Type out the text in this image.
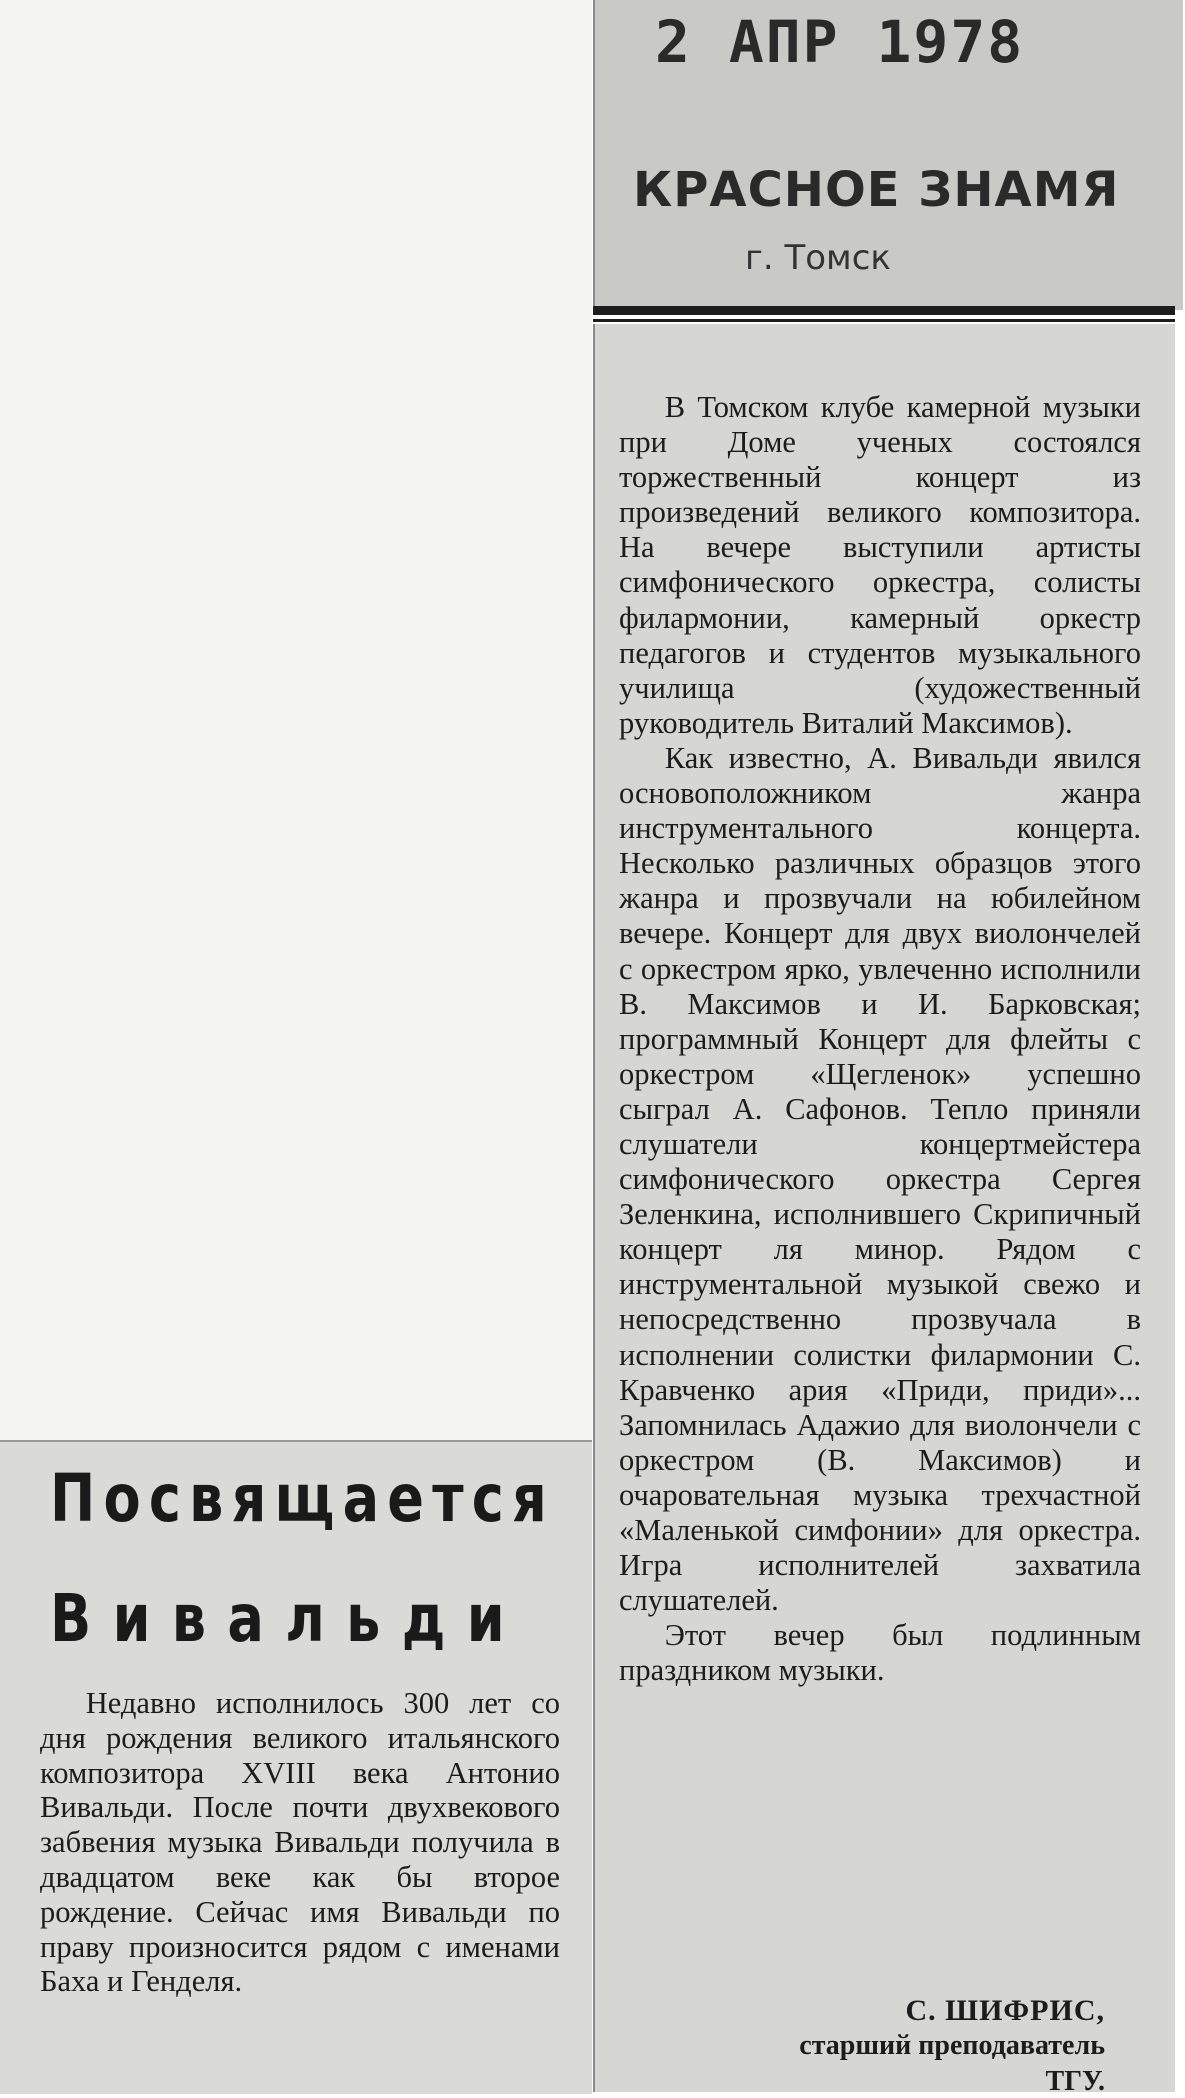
2 АПР 1978
КРАСНОЕ ЗНАМЯ
г. Томск

В Томском клубе камерной музыки при Доме ученых состоялся торжественный концерт из произведений великого композитора. На вечере выступили артисты симфонического оркестра, солисты филармонии, камерный оркестр педагогов и студентов музыкального училища (художественный руководитель Виталий Максимов).

Как известно, А. Вивальди явился основоположником жанра инструментального концерта. Несколько различных образцов этого жанра и прозвучали на юбилейном вечере. Концерт для двух виолончелей с оркестром ярко, увлеченно исполнили В. Максимов и И. Барковская; программный Концерт для флейты с оркестром «Щегленок» успешно сыграл А. Сафонов. Тепло приняли слушатели концертмейстера симфонического оркестра Сергея Зеленкина, исполнившего Скрипичный концерт ля минор. Рядом с инструментальной музыкой свежо и непосредственно прозвучала в исполнении солистки филармонии С. Кравченко ария «Приди, приди»... Запомнилась Адажио для виолончели с оркестром (В. Максимов) и очаровательная музыка трехчастной «Маленькой симфонии» для оркестра. Игра исполнителей захватила слушателей.

Этот вечер был подлинным праздником музыки.

С. ШИФРИС,
старший преподаватель
ТГУ.
Посвящается
Вивальди

Недавно исполнилось 300 лет со дня рождения великого итальянского композитора XVIII века Антонио Вивальди. После почти двухвекового забвения музыка Вивальди получила в двадцатом веке как бы второе рождение. Сейчас имя Вивальди по праву произносится рядом с именами Баха и Генделя.
